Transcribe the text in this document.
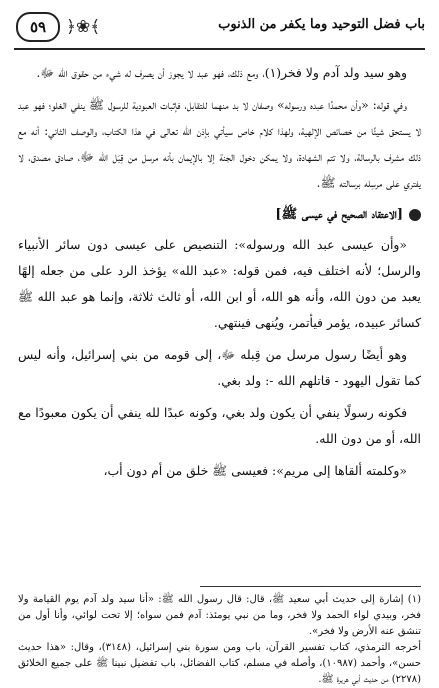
٥٩	﴿❀﴾	باب فضل التوحيد وما يكفر من الذنوب

وهو سيد ولد آدم ولا فخر(١)، ومع ذلك، فهو عبد لا يجوز أن يصرف له شيء من حقوق الله ﷻ.

وفي قوله: «وأن محمدًا عبده ورسوله» وصفان لا بد منهما للتقابل، فإثبات العبودية للرسول ﷺ ينفي الغلو؛ فهو عبد لا يستحق شيئًا من خصائص الإلهية، ولهذا كلام خاص سيأتي بإذن الله تعالى في هذا الكتاب، والوصف الثاني: أنه مع ذلك مشرف بالرسالة، ولا تتم الشهادة، ولا يمكن دخول الجنة إلا بالإيمان بأنه مرسل من قِبَل الله ﷻ، صادق مصدق، لا يفتري على مرسِله برسالته ﷺ.

[الاعتقاد الصحيح في عيسى ﷺ]

«وأن عيسى عبد الله ورسوله»: التنصيص على عيسى دون سائر الأنبياء والرسل؛ لأنه اختلف فيه، فمن قوله: «عبد الله» يؤخذ الرد على من جعله إلهًا يعبد من دون الله، وأنه هو الله، أو ابن الله، أو ثالث ثلاثة، وإنما هو عبد الله ﷺ كسائر عبيده، يؤمر فيأتمر، ويُنهى فينتهي.

وهو أيضًا رسول مرسل من قِبله ﷻ، إلى قومه من بني إسرائيل، وأنه ليس كما تقول اليهود - قاتلهم الله -: ولد بغي.

فكونه رسولًا ينفي أن يكون ولد بغي، وكونه عبدًا لله ينفي أن يكون معبودًا مع الله، أو من دون الله.

«وكلمته ألقاها إلى مريم»: فعيسى ﷺ خلق من أم دون أب،

(١) إشارة إلى حديث أبي سعيد ﷺ، قال: قال رسول الله ﷺ: «أنا سيد ولد آدم يوم القيامة ولا فخر، وبيدي لواء الحمد ولا فخر، وما من نبي يومئذ: آدم فمن سواه؛ إلا تحت لوائي، وأنا أول من تنشق عنه الأرض ولا فخر».

أخرجه الترمذي، كتاب تفسير القرآن، باب ومن سورة بني إسرائيل، (٣١٤٨)، وقال: «هذا حديث حسن»، وأحمد (١٠٩٨٧)، وأصله في مسلم، كتاب الفضائل، باب تفضيل نبينا ﷺ على جميع الخلائق (٢٢٧٨) من حديث أبي هريرة ﷺ.
